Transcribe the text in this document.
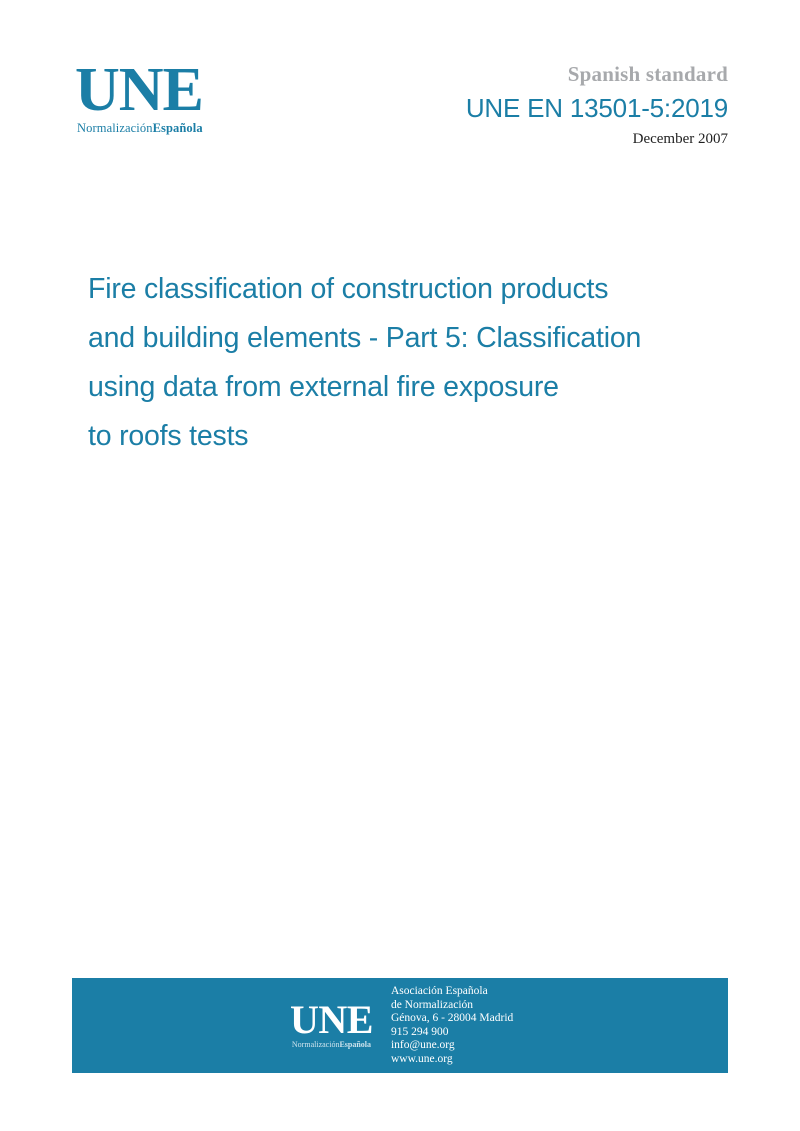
UNE
NormalizaciónEspañola
Spanish standard
UNE EN 13501-5:2019
December 2007
Fire classification of construction products
and building elements - Part 5: Classification
using data from external fire exposure
to roofs tests
UNE
NormalizaciónEspañola
Asociación Española
de Normalización
Génova, 6 - 28004 Madrid
915 294 900
info@une.org
www.une.org
